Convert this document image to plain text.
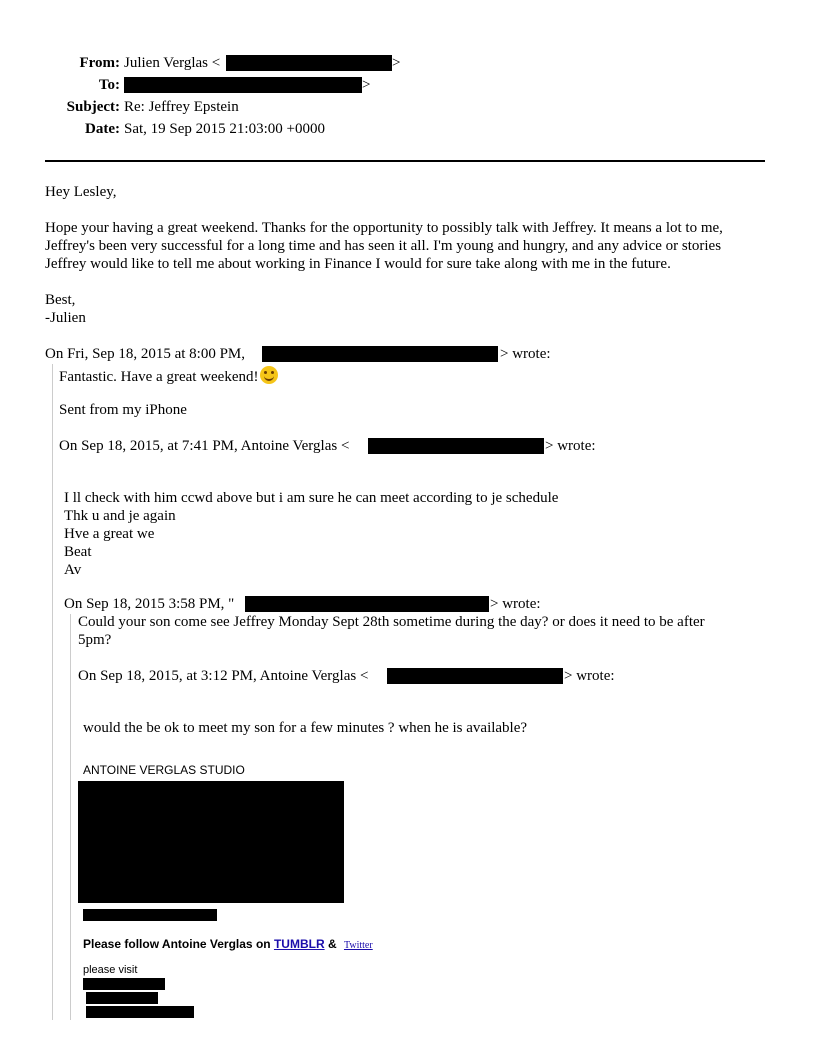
From: Julien Verglas <	>
To:	>
Subject: Re: Jeffrey Epstein
Date: Sat, 19 Sep 2015 21:03:00 +0000
Hey Lesley,
Hope your having a great weekend. Thanks for the opportunity to possibly talk with Jeffrey. It means a lot to me,
Jeffrey's been very successful for a long time and has seen it all. I'm young and hungry, and any advice or stories
Jeffrey would like to tell me about working in Finance I would for sure take along with me in the future.
Best,
-Julien
On Fri, Sep 18, 2015 at 8:00 PM,	> wrote:
Fantastic. Have a great weekend!
Sent from my iPhone
On Sep 18, 2015, at 7:41 PM, Antoine Verglas <	> wrote:
I ll check with him ccwd above but i am sure he can meet according to je schedule
Thk u and je again
Hve a great we
Beat
Av
On Sep 18, 2015 3:58 PM, "	> wrote:
Could your son come see Jeffrey Monday Sept 28th sometime during the day? or does it need to be after
5pm?
On Sep 18, 2015, at 3:12 PM, Antoine Verglas <	> wrote:
would the be ok to meet my son for a few minutes ? when he is available?
ANTOINE VERGLAS STUDIO
Please follow Antoine Verglas on TUMBLR & Twitter
please visit
